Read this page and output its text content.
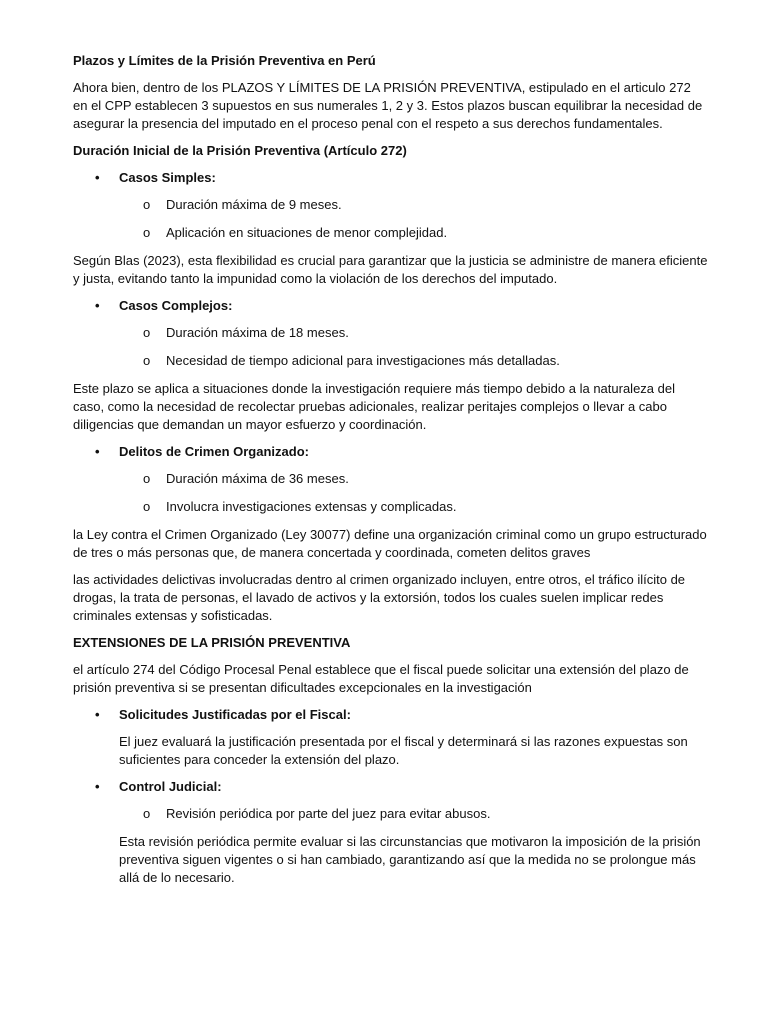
Plazos y Límites de la Prisión Preventiva en Perú

Ahora bien, dentro de los PLAZOS Y LÍMITES DE LA PRISIÓN PREVENTIVA, estipulado en el articulo 272 en el CPP establecen 3 supuestos en sus numerales 1, 2 y 3. Estos plazos buscan equilibrar la necesidad de asegurar la presencia del imputado en el proceso penal con el respeto a sus derechos fundamentales.

Duración Inicial de la Prisión Preventiva (Artículo 272)

• Casos Simples:
o Duración máxima de 9 meses.
o Aplicación en situaciones de menor complejidad.

Según Blas (2023), esta flexibilidad es crucial para garantizar que la justicia se administre de manera eficiente y justa, evitando tanto la impunidad como la violación de los derechos del imputado.

• Casos Complejos:
o Duración máxima de 18 meses.
o Necesidad de tiempo adicional para investigaciones más detalladas.

Este plazo se aplica a situaciones donde la investigación requiere más tiempo debido a la naturaleza del caso, como la necesidad de recolectar pruebas adicionales, realizar peritajes complejos o llevar a cabo diligencias que demandan un mayor esfuerzo y coordinación.

• Delitos de Crimen Organizado:
o Duración máxima de 36 meses.
o Involucra investigaciones extensas y complicadas.

la Ley contra el Crimen Organizado (Ley 30077) define una organización criminal como un grupo estructurado de tres o más personas que, de manera concertada y coordinada, cometen delitos graves

las actividades delictivas involucradas dentro al crimen organizado incluyen, entre otros, el tráfico ilícito de drogas, la trata de personas, el lavado de activos y la extorsión, todos los cuales suelen implicar redes criminales extensas y sofisticadas.

EXTENSIONES DE LA PRISIÓN PREVENTIVA

el artículo 274 del Código Procesal Penal establece que el fiscal puede solicitar una extensión del plazo de prisión preventiva si se presentan dificultades excepcionales en la investigación

• Solicitudes Justificadas por el Fiscal:

El juez evaluará la justificación presentada por el fiscal y determinará si las razones expuestas son suficientes para conceder la extensión del plazo.

• Control Judicial:
o Revisión periódica por parte del juez para evitar abusos.

Esta revisión periódica permite evaluar si las circunstancias que motivaron la imposición de la prisión preventiva siguen vigentes o si han cambiado, garantizando así que la medida no se prolongue más allá de lo necesario.
